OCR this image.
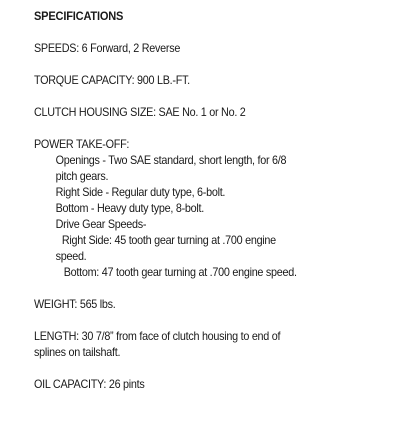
SPECIFICATIONS
SPEEDS: 6 Forward, 2 Reverse
TORQUE CAPACITY: 900 LB.-FT.
CLUTCH HOUSING SIZE: SAE No. 1 or No. 2
POWER TAKE-OFF:
Openings - Two SAE standard, short length, for 6/8
pitch gears.
Right Side - Regular duty type, 6-bolt.
Bottom - Heavy duty type, 8-bolt.
Drive Gear Speeds-
Right Side: 45 tooth gear turning at .700 engine
speed.
Bottom: 47 tooth gear turning at .700 engine speed.
WEIGHT: 565 lbs.
LENGTH: 30 7/8” from face of clutch housing to end of
splines on tailshaft.
OIL CAPACITY: 26 pints
